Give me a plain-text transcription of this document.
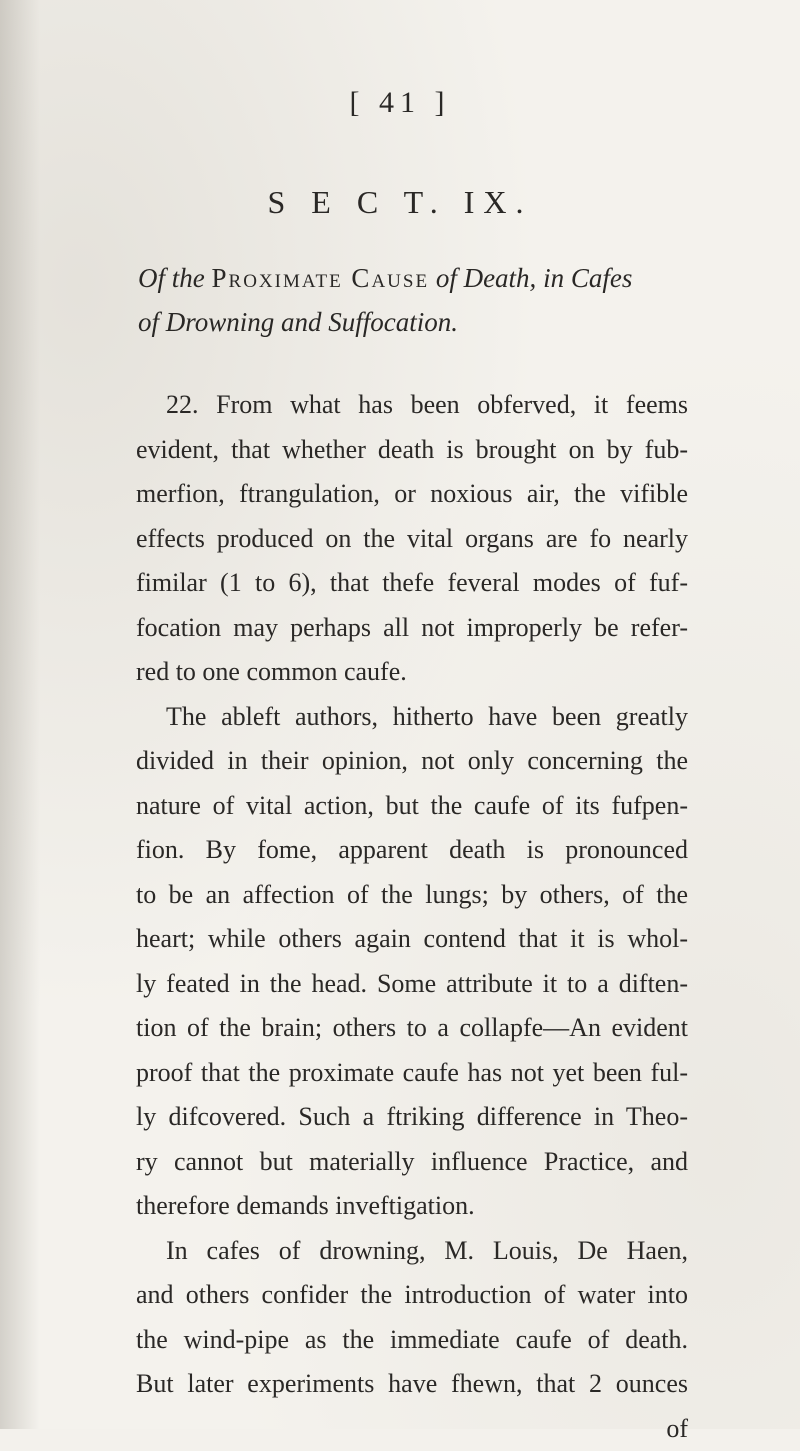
[ 41 ]
S E C T. IX.
Of the Proximate Cause of Death, in Cafes
of Drowning and Suffocation.
22. From what has been obferved, it feems
evident, that whether death is brought on by fub-
merfion, ftrangulation, or noxious air, the vifible
effects produced on the vital organs are fo nearly
fimilar (1 to 6), that thefe feveral modes of fuf-
focation may perhaps all not improperly be refer-
red to one common caufe.
The ableft authors, hitherto have been greatly
divided in their opinion, not only concerning the
nature of vital action, but the caufe of its fufpen-
fion. By fome, apparent death is pronounced
to be an affection of the lungs; by others, of the
heart; while others again contend that it is whol-
ly feated in the head. Some attribute it to a diften-
tion of the brain; others to a collapfe—An evident
proof that the proximate caufe has not yet been ful-
ly difcovered. Such a ftriking difference in Theo-
ry cannot but materially influence Practice, and
therefore demands inveftigation.
In cafes of drowning, M. Louis, De Haen,
and others confider the introduction of water into
the wind-pipe as the immediate caufe of death.
But later experiments have fhewn, that 2 ounces
of
